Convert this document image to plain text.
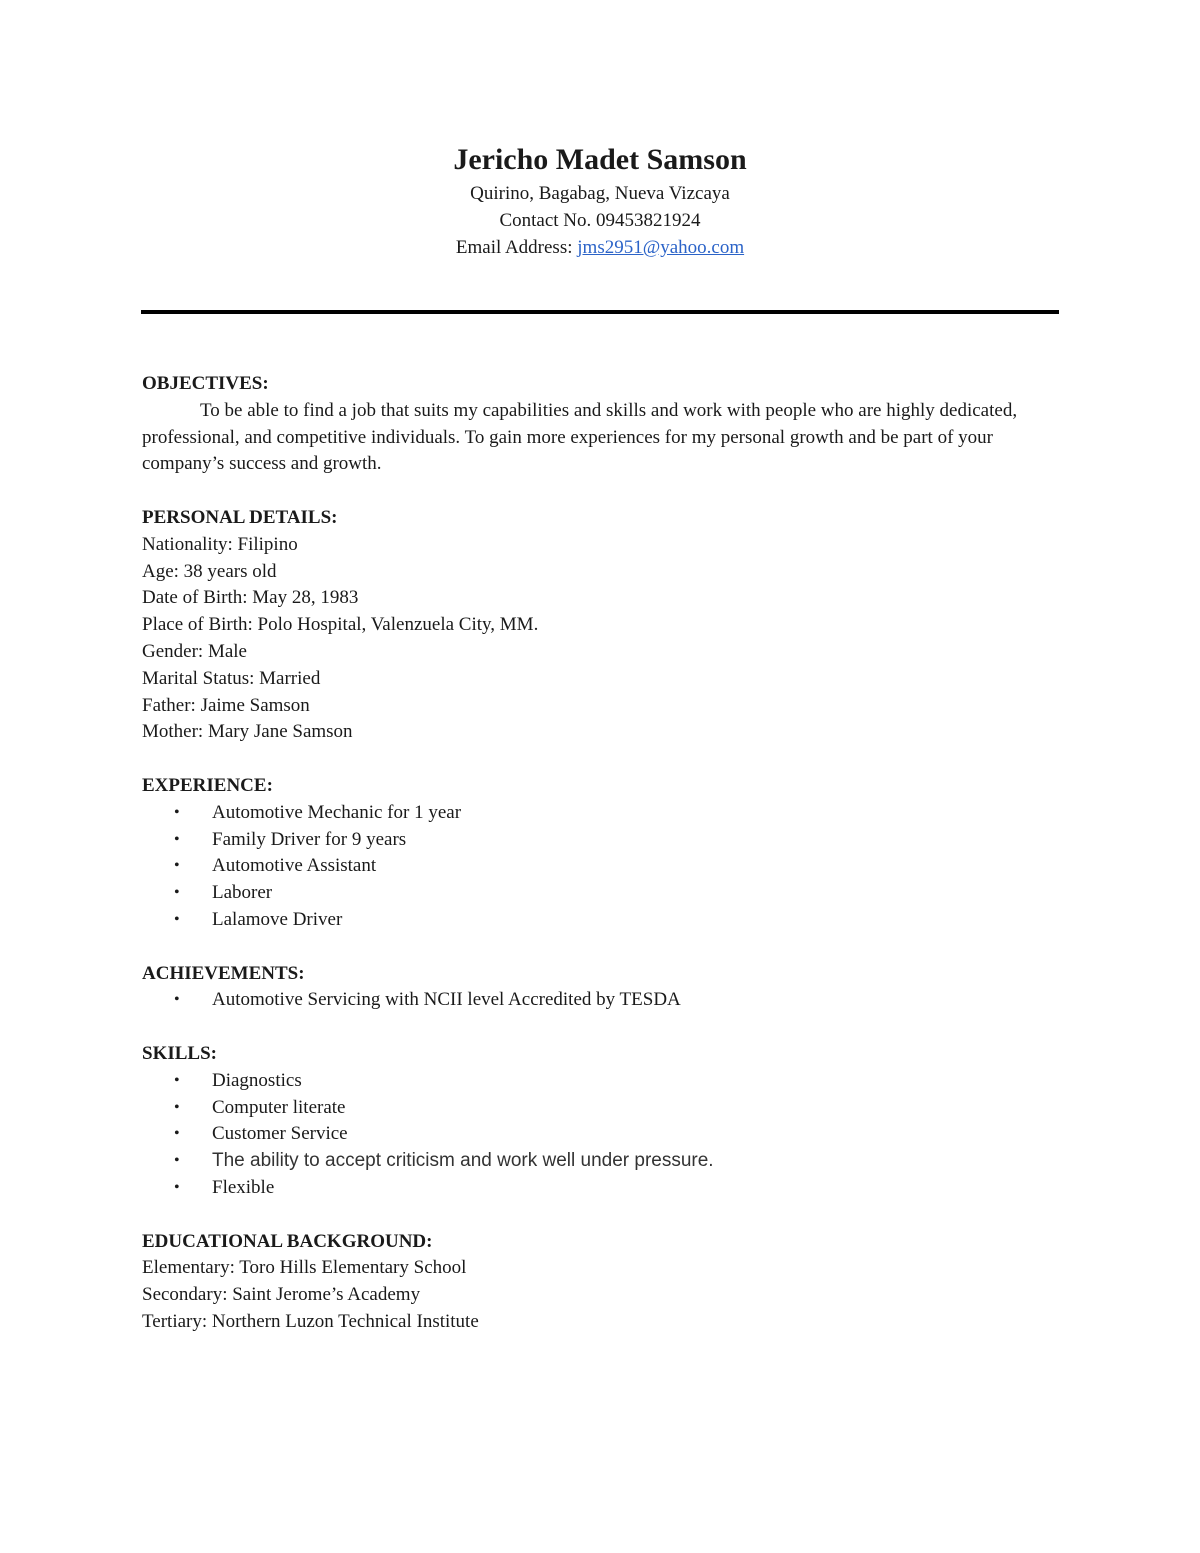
Jericho Madet Samson

Quirino, Bagabag, Nueva Vizcaya

Contact No. 09453821924

Email Address: jms2951@yahoo.com

OBJECTIVES:

To be able to find a job that suits my capabilities and skills and work with people who are highly dedicated, professional, and competitive individuals. To gain more experiences for my personal growth and be part of your company’s success and growth.

PERSONAL DETAILS:

Nationality: Filipino

Age: 38 years old

Date of Birth: May 28, 1983

Place of Birth: Polo Hospital, Valenzuela City, MM.

Gender: Male

Marital Status: Married

Father: Jaime Samson

Mother: Mary Jane Samson

EXPERIENCE:

• Automotive Mechanic for 1 year
• Family Driver for 9 years
• Automotive Assistant
• Laborer
• Lalamove Driver

ACHIEVEMENTS:

• Automotive Servicing with NCII level Accredited by TESDA

SKILLS:

• Diagnostics
• Computer literate
• Customer Service
• The ability to accept criticism and work well under pressure.
• Flexible

EDUCATIONAL BACKGROUND:

Elementary: Toro Hills Elementary School

Secondary: Saint Jerome’s Academy

Tertiary: Northern Luzon Technical Institute
